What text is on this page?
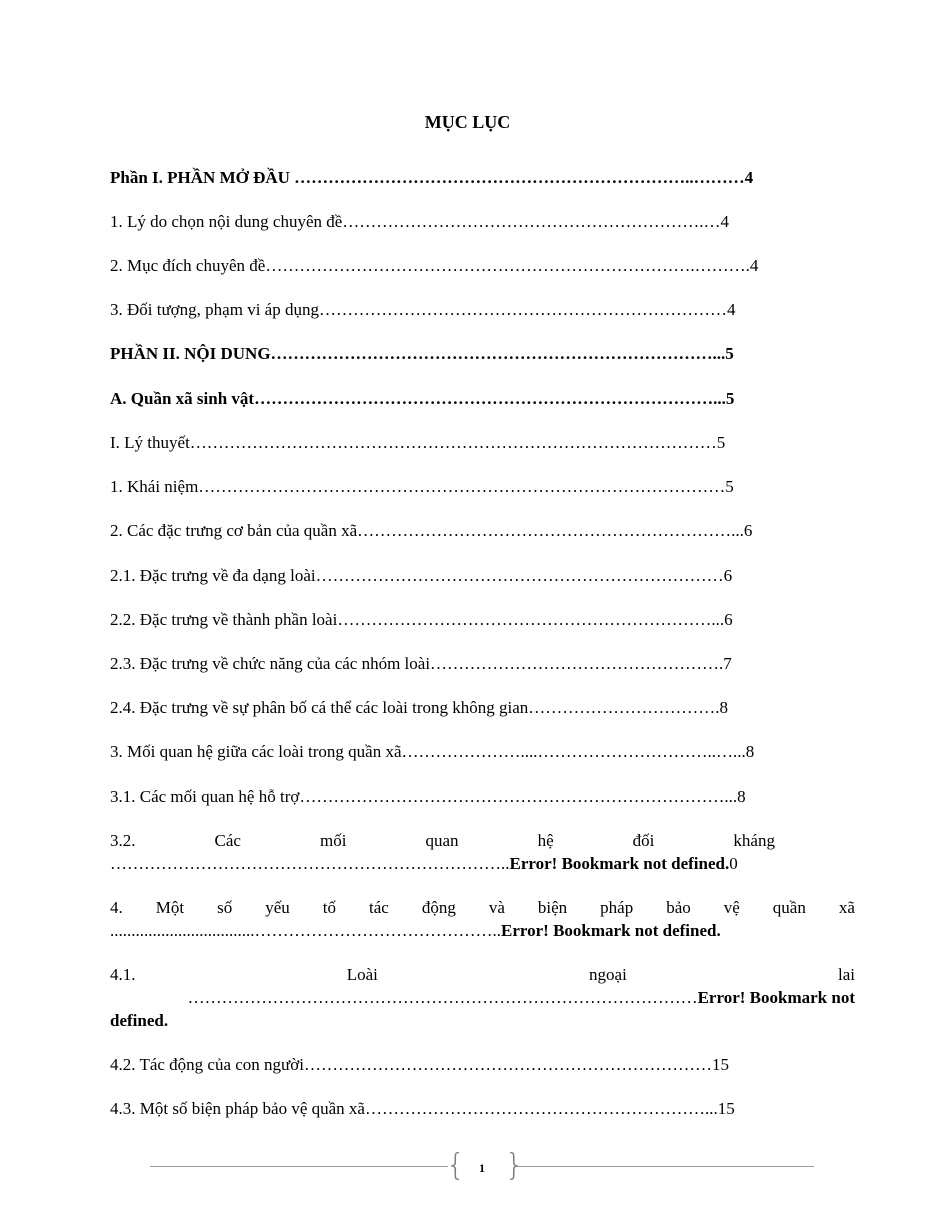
MỤC LỤC
Phần I. PHẦN MỞ ĐẦU ……………………………………………………………..………4
1. Lý do chọn nội dung chuyên đề……………………………………………………….…4
2. Mục đích chuyên đề………………………………………………………………….……….4
3. Đối tượng, phạm vi áp dụng………………………………………………………………4
PHẦN II. NỘI DUNG……………………………………………………………………...5
A. Quần xã sinh vật………………………………………………………………………...5
I. Lý thuyết…………………………………………………………………………………5
1. Khái niệm…………………………………………………………………………………5
2. Các đặc trưng cơ bản của quần xã…………………………………………………………...6
2.1. Đặc trưng về đa dạng loài………………………………………………………………6
2.2. Đặc trưng về thành phần loài…………………………………………………………...6
2.3. Đặc trưng về chức năng của các nhóm loài…………………………………………….7
2.4. Đặc trưng về sự phân bố cá thể các loài trong không gian…………………………….8
3. Mối quan hệ giữa các loài trong quần xã…………………....…………………………..…...8
3.1. Các mối quan hệ hỗ trợ…………………………………………………………………...8
3.2.	Các	mối	quan	hệ	đối	kháng
……………………………………………………………..Error! Bookmark not defined.0
4. Một số yếu tố tác động và biện pháp bảo vệ quần xã
..................................……………………………………..Error! Bookmark not defined.
4.1.	Loài	ngoại	lai
………………………………………………………………………………Error! Bookmark not
defined.
4.2. Tác động của con người………………………………………………………………15
4.3. Một số biện pháp bảo vệ quần xã……………………………………………………...15
{ }
1
